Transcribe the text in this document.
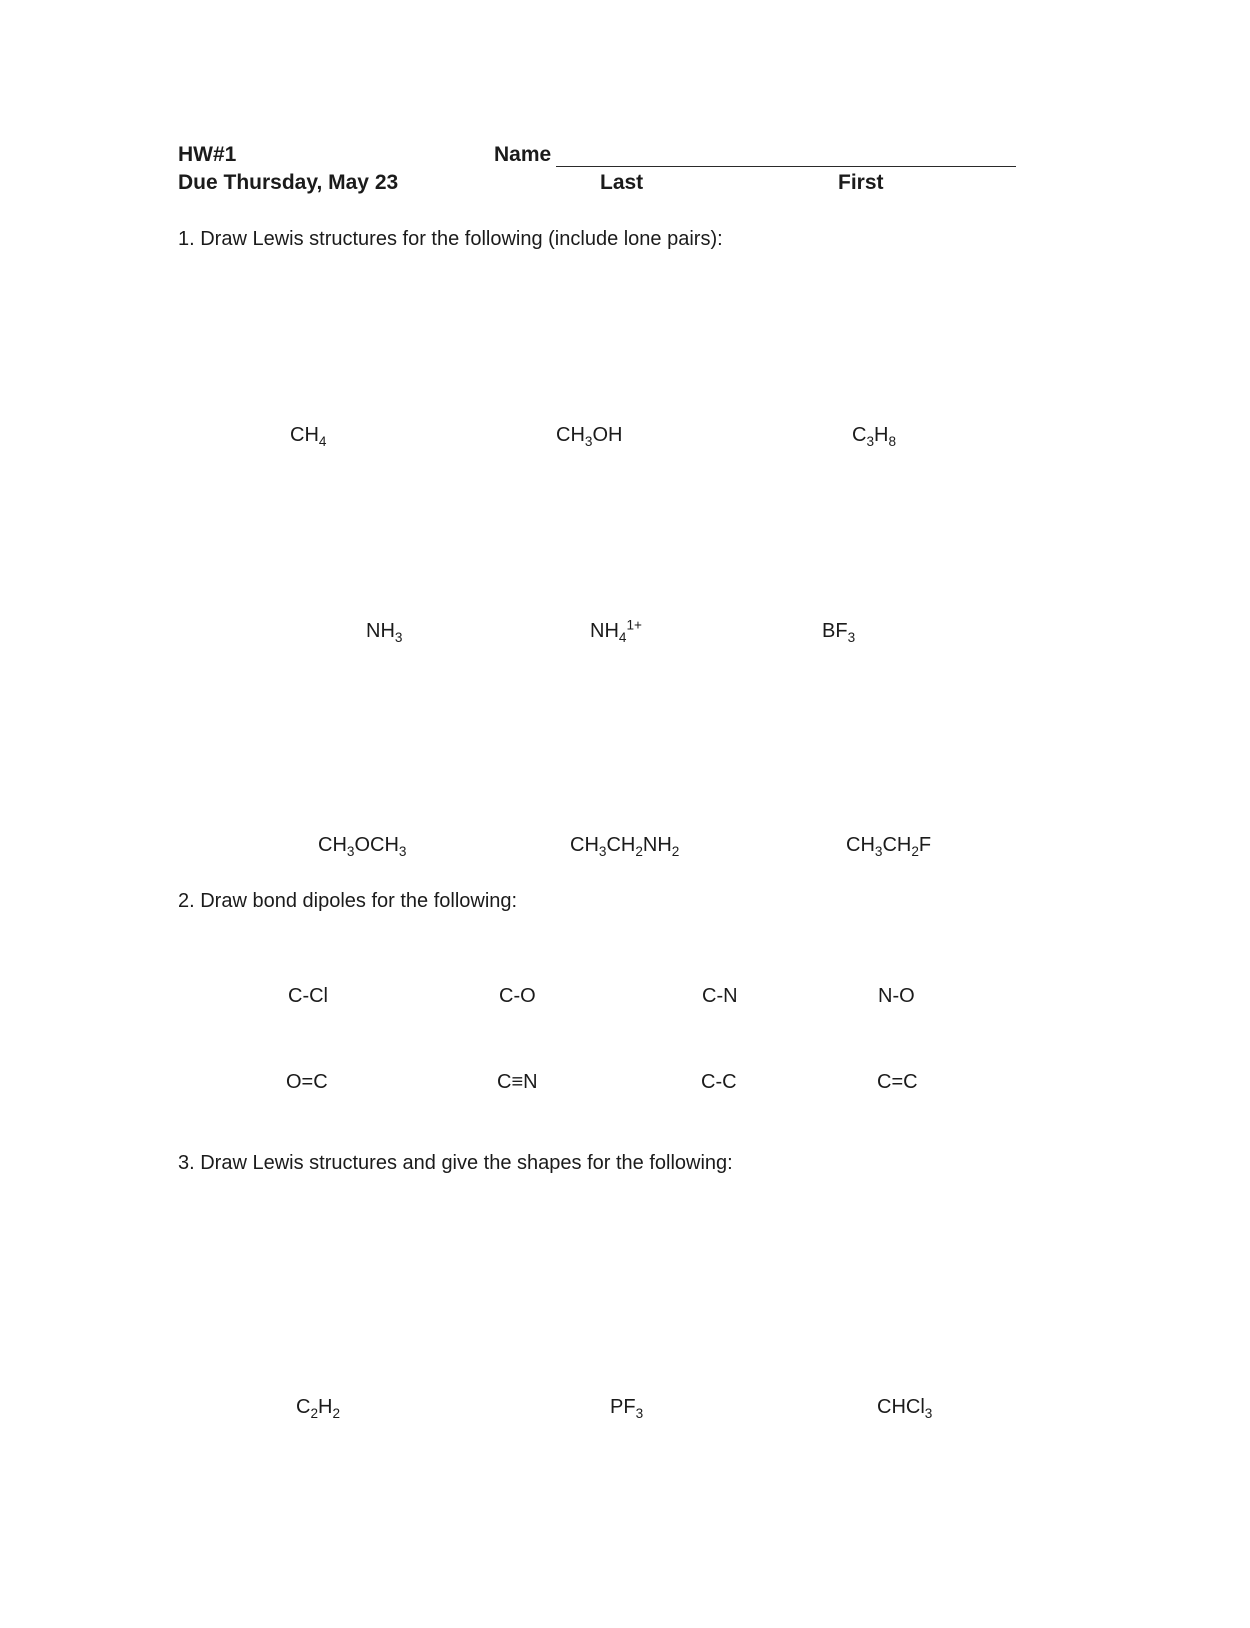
HW#1	Name
Due Thursday, May 23	Last	First
1. Draw Lewis structures for the following (include lone pairs):
$CH_4$	$CH_3OH$	$C_3H_8$
$NH_3$	$NH_4^{1+}$	$BF_3$
$CH_3OCH_3$	$CH_3CH_2NH_2$	$CH_3CH_2F$
2. Draw bond dipoles for the following:
C-Cl	C-O	C-N	N-O
O=C	C≡N	C-C	C=C
3. Draw Lewis structures and give the shapes for the following:
$C_2H_2$	$PF_3$	CHCl$_3$
